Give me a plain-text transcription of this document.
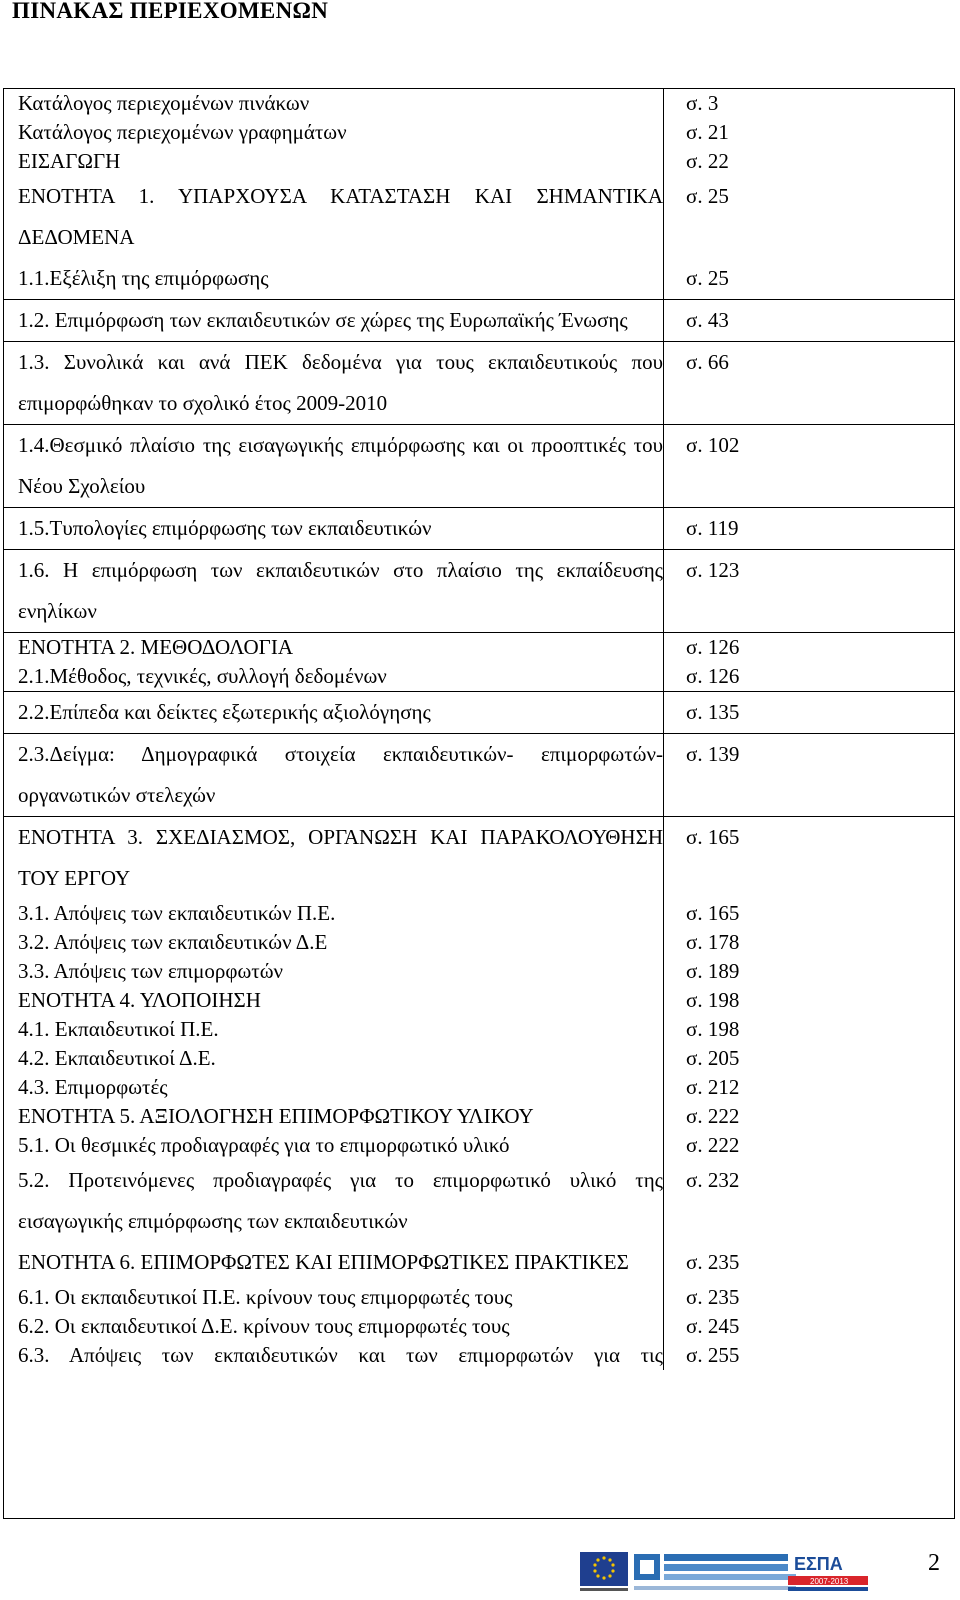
ΠΙΝΑΚΑΣ ΠΕΡΙΕΧΟΜΕΝΩΝ
Κατάλογος περιεχομένων πινάκων	σ. 3
Κατάλογος περιεχομένων γραφημάτων	σ. 21
ΕΙΣΑΓΩΓΗ	σ. 22
ΕΝΟΤΗΤΑ 1. ΥΠΑΡΧΟΥΣΑ ΚΑΤΑΣΤΑΣΗ ΚΑΙ ΣΗΜΑΝΤΙΚΑ ΔΕΔΟΜΕΝΑ	σ. 25
1.1.Εξέλιξη της επιμόρφωσης	σ. 25
1.2. Επιμόρφωση των εκπαιδευτικών σε χώρες της Ευρωπαϊκής Ένωσης	σ. 43
1.3. Συνολικά και ανά ΠΕΚ δεδομένα για τους εκπαιδευτικούς που επιμορφώθηκαν το σχολικό έτος 2009-2010	σ. 66
1.4.Θεσμικό πλαίσιο της εισαγωγικής επιμόρφωσης και οι προοπτικές του Νέου Σχολείου	σ. 102
1.5.Τυπολογίες επιμόρφωσης των εκπαιδευτικών	σ. 119
1.6. Η επιμόρφωση των εκπαιδευτικών στο πλαίσιο της εκπαίδευσης ενηλίκων	σ. 123
ΕΝΟΤΗΤΑ 2. ΜΕΘΟΔΟΛΟΓΙΑ	σ. 126
2.1.Μέθοδος, τεχνικές, συλλογή δεδομένων	σ. 126
2.2.Επίπεδα και δείκτες εξωτερικής αξιολόγησης	σ. 135
2.3.Δείγμα: Δημογραφικά στοιχεία εκπαιδευτικών- επιμορφωτών- οργανωτικών στελεχών	σ. 139
ΕΝΟΤΗΤΑ 3. ΣΧΕΔΙΑΣΜΟΣ, ΟΡΓΑΝΩΣΗ ΚΑΙ ΠΑΡΑΚΟΛΟΥΘΗΣΗ ΤΟΥ ΕΡΓΟΥ	σ. 165
3.1. Απόψεις των εκπαιδευτικών Π.Ε.	σ. 165
3.2. Απόψεις των εκπαιδευτικών Δ.Ε	σ. 178
3.3. Απόψεις των επιμορφωτών	σ. 189
ΕΝΟΤΗΤΑ 4. ΥΛΟΠΟΙΗΣΗ	σ. 198
4.1. Εκπαιδευτικοί Π.Ε.	σ. 198
4.2. Εκπαιδευτικοί Δ.Ε.	σ. 205
4.3. Επιμορφωτές	σ. 212
ΕΝΟΤΗΤΑ 5. ΑΞΙΟΛΟΓΗΣΗ ΕΠΙΜΟΡΦΩΤΙΚΟΥ ΥΛΙΚΟΥ	σ. 222
5.1. Οι θεσμικές προδιαγραφές για το επιμορφωτικό υλικό	σ. 222
5.2. Προτεινόμενες προδιαγραφές για το επιμορφωτικό υλικό της εισαγωγικής επιμόρφωσης των εκπαιδευτικών	σ. 232
ΕΝΟΤΗΤΑ 6. ΕΠΙΜΟΡΦΩΤΕΣ ΚΑΙ ΕΠΙΜΟΡΦΩΤΙΚΕΣ ΠΡΑΚΤΙΚΕΣ	σ. 235
6.1. Οι εκπαιδευτικοί Π.Ε. κρίνουν τους επιμορφωτές τους	σ. 235
6.2. Οι εκπαιδευτικοί Δ.Ε. κρίνουν τους επιμορφωτές τους	σ. 245
6.3. Απόψεις των εκπαιδευτικών και των επιμορφωτών για τις	σ. 255
ΕΣΠΑ
2007-2013
2
